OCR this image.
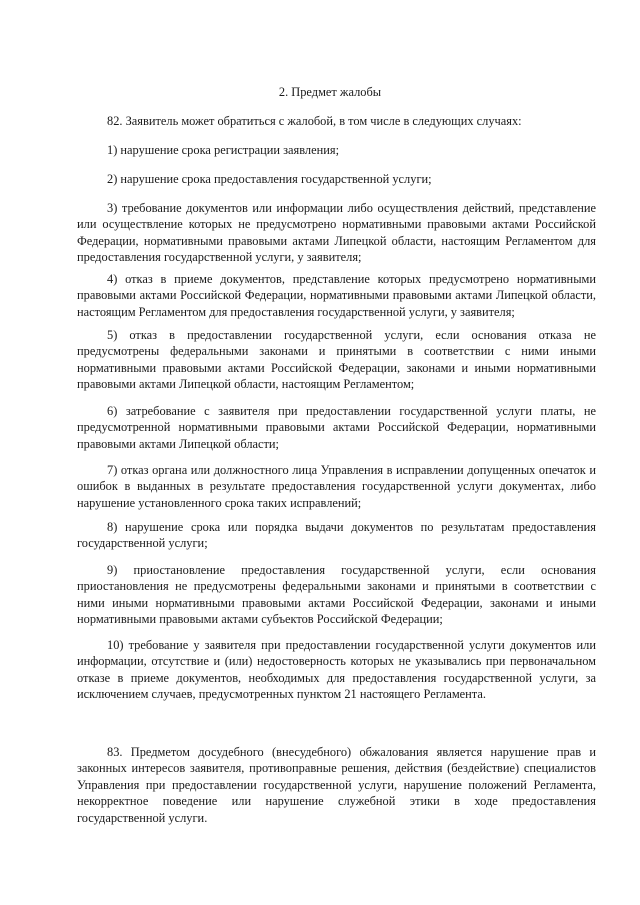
2. Предмет жалобы

82. Заявитель может обратиться с жалобой, в том числе в следующих случаях:

1) нарушение срока регистрации заявления;

2) нарушение срока предоставления государственной услуги;

3) требование документов или информации либо осуществления действий, представление или осуществление которых не предусмотрено нормативными правовыми актами Российской Федерации, нормативными правовыми актами Липецкой области, настоящим Регламентом для предоставления государственной услуги, у заявителя;

4) отказ в приеме документов, представление которых предусмотрено нормативными правовыми актами Российской Федерации, нормативными правовыми актами Липецкой области, настоящим Регламентом для предоставления государственной услуги, у заявителя;

5) отказ в предоставлении государственной услуги, если основания отказа не предусмотрены федеральными законами и принятыми в соответствии с ними иными нормативными правовыми актами Российской Федерации, законами и иными нормативными правовыми актами Липецкой области, настоящим Регламентом;

6) затребование с заявителя при предоставлении государственной услуги платы, не предусмотренной нормативными правовыми актами Российской Федерации, нормативными правовыми актами Липецкой области;

7) отказ органа или должностного лица Управления в исправлении допущенных опечаток и ошибок в выданных в результате предоставления государственной услуги документах, либо нарушение установленного срока таких исправлений;

8) нарушение срока или порядка выдачи документов по результатам предоставления государственной услуги;

9) приостановление предоставления государственной услуги, если основания приостановления не предусмотрены федеральными законами и принятыми в соответствии с ними иными нормативными правовыми актами Российской Федерации, законами и иными нормативными правовыми актами субъектов Российской Федерации;

10) требование у заявителя при предоставлении государственной услуги документов или информации, отсутствие и (или) недостоверность которых не указывались при первоначальном отказе в приеме документов, необходимых для предоставления государственной услуги, за исключением случаев, предусмотренных пунктом 21 настоящего Регламента.

83. Предметом досудебного (внесудебного) обжалования является нарушение прав и законных интересов заявителя, противоправные решения, действия (бездействие) специалистов Управления при предоставлении государственной услуги, нарушение положений Регламента, некорректное поведение или нарушение служебной этики в ходе предоставления государственной услуги.
